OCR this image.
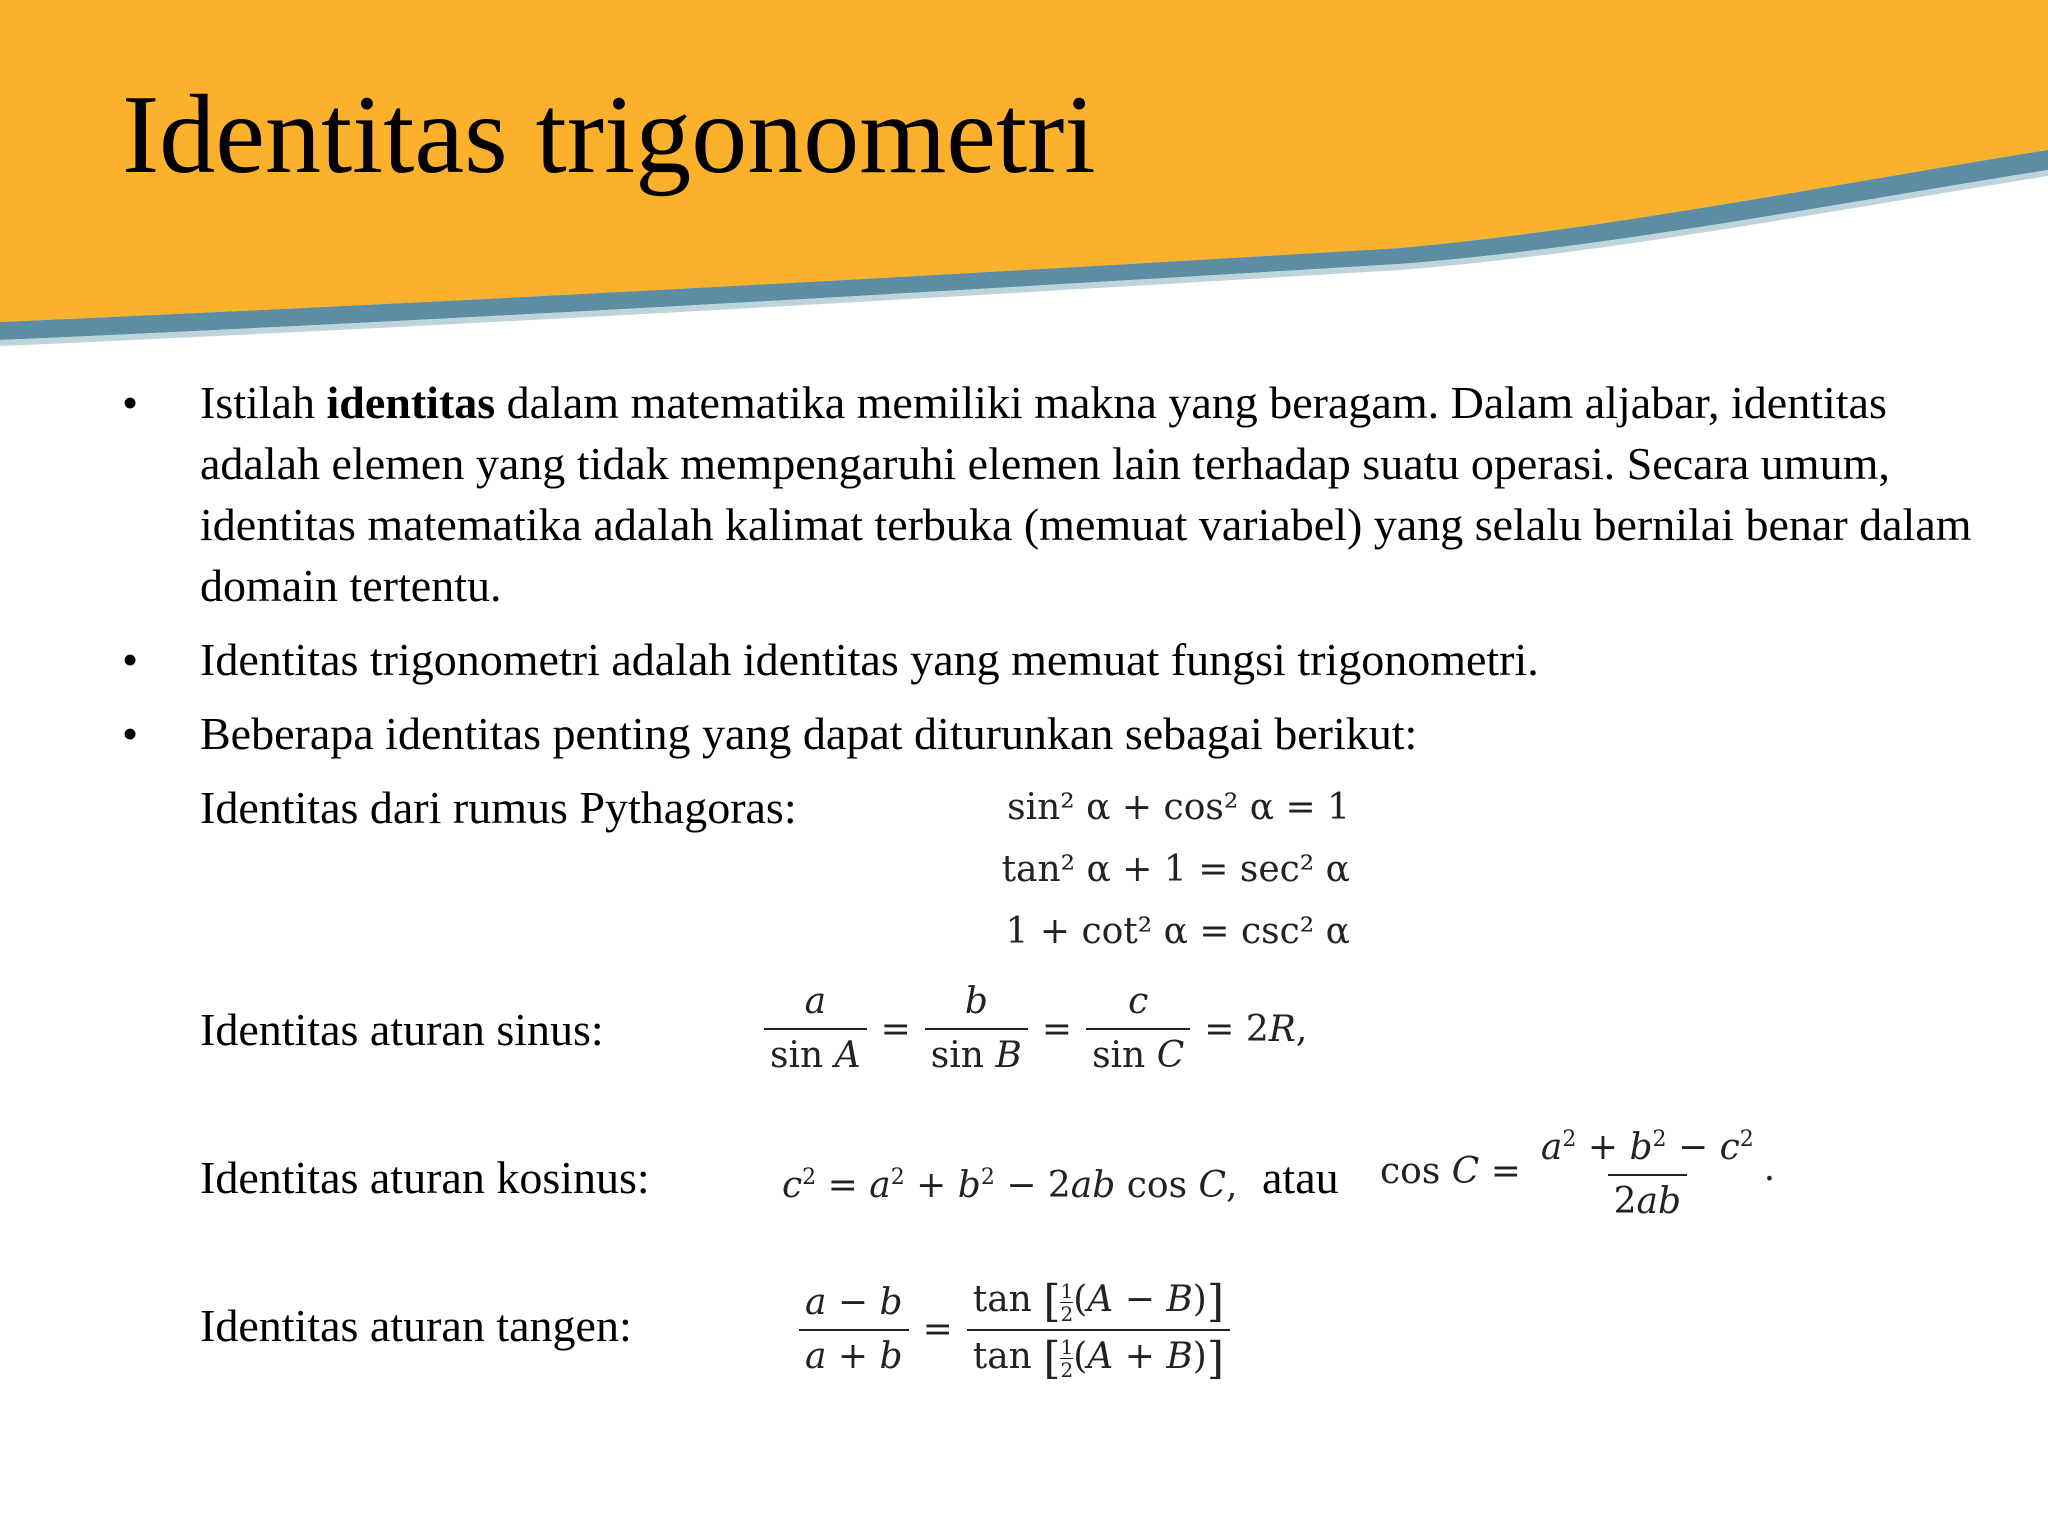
Identitas trigonometri
•	Istilah identitas dalam matematika memiliki makna yang beragam. Dalam aljabar, identitas adalah elemen yang tidak mempengaruhi elemen lain terhadap suatu operasi. Secara umum, identitas matematika adalah kalimat terbuka (memuat variabel) yang selalu bernilai benar dalam domain tertentu.
•	Identitas trigonometri adalah identitas yang memuat fungsi trigonometri.
•	Beberapa identitas penting yang dapat diturunkan sebagai berikut:
Identitas dari rumus Pythagoras:	sin² α + cos² α = 1
tan² α + 1 = sec² α
1 + cot² α = csc² α
Identitas aturan sinus:	$\frac{a}{\text{sin A}} = \frac{b}{\text{sin B}} = \frac{c}{\text{sin C}} = 2R$,
Identitas aturan kosinus:	$c^2 = a^2 + b^2 - 2ab$ cos C, atau $\cos C = \frac{a^2 + b^2 - c^2}{2ab}$ .
Identitas aturan tangen:	$\frac{a - b}{a + b} = \frac{\tan [ \frac{1}{2} (A - B)]}{\tan [ \frac{1}{2} (A + B)]}$
